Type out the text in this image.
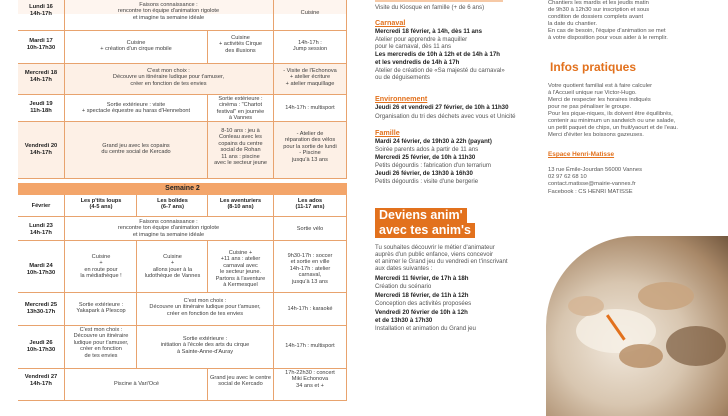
Lundi 16
14h-17h
Faisons connaissance :
rencontre ton équipe d'animation rigolote
et imagine ta semaine idéale
Cuisine
Mardi 17
10h-17h30
Cuisine
+ création d'un cirque mobile
Cuisine
+ activités Cirque
des illusions
14h-17h :
Jump session
Mercredi 18
14h-17h
C'est mon choix :
Découvre un itinéraire ludique pour t'amuser,
créer en fonction de tes envies
- Visite de l'Echonova
+ atelier écriture
+ atelier maquillage
Jeudi 19
11h-18h
Sortie extérieure : visite
+ spectacle équestre au haras d'Hennebont
Sortie extérieure :
cinéma : "Chartot
festival" en journée
à Vannes
14h-17h : multisport
Vendredi 20
14h-17h
Grand jeu avec les copains
du centre social de Kercado
8-10 ans : jeu à
Conleau avec les
copains du centre
social de Rohan
11 ans : piscine
avec le secteur jeune
- Atelier de
réparation des vélos
pour la sortie de lundi
- Piscine
jusqu'à 13 ans
Semaine 2
Février
Les p'tits loups
(4-5 ans)
Les bolides
(6-7 ans)
Les aventuriers
(8-10 ans)
Les ados
(11-17 ans)
Lundi 23
14h-17h
Faisons connaissance :
rencontre ton équipe d'animation rigolote
et imagine ta semaine idéale
Sortie vélo
Mardi 24
10h-17h30
Cuisine
+
en route pour
la médiathèque !
Cuisine
+
allons jouer à la
ludothèque de Vannes
Cuisine +
+11 ans : atelier
carnaval avec
le secteur jeune.
Partons à l'aventure
à Kermesquel
9h30-17h : soccer
et sortie en ville
14h-17h : atelier
carnaval,
jusqu'à 13 ans
Mercredi 25
13h30-17h
Sortie extérieure :
Yakapark à Plescop
C'est mon choix :
Découvre un itinéraire ludique pour t'amuser,
créer en fonction de tes envies
14h-17h : karaoké
Jeudi 26
10h-17h30
C'est mon choix :
Découvre un itinéraire
ludique pour t'amuser,
créer en fonction
de tes envies
Sortie extérieure :
initiation à l'école des arts du cirque
à Sainte-Anne-d'Auray
14h-17h : multisport
Vendredi 27
14h-17h	Piscine à Vari'Océ
Grand jeu avec le centre
social de Kercado
17h-22h30 : concert
Miki Echonova
34 ans et +
Visite du Kiosque en famille (+ de 6 ans)
Carnaval
Mercredi 18 février, à 14h, dès 11 ans
Atelier pour apprendre à maquiller
pour le carnaval, dès 11 ans
Les mercredis de 10h à 12h et de 14h à 17h
et les vendredis de 14h à 17h
Atelier de création de «Sa majesté du carnaval»
ou de déguisements
Environnement
Jeudi 26 et vendredi 27 février, de 10h à 11h30
Organisation du tri des déchets avec vous et Unicité
Famille
Mardi 24 février, de 19h30 à 22h (payant)
Soirée parents ados à partir de 11 ans
Mercredi 25 février, de 10h à 11h30
Petits dégourdis : fabrication d'un terrarium
Jeudi 26 février, de 13h30 à 16h30
Petits dégourdis : visite d'une bergerie
Deviens anim'
avec tes anim's
Tu souhaites découvrir le métier d'animateur
auprès d'un public enfance, viens concevoir
et animer le Grand jeu du vendredi en t'inscrivant
aux dates suivantes :
Mercredi 11 février, de 17h à 18h
Création du scénario
Mercredi 18 février, de 11h à 12h
Conception des activités proposées
Vendredi 20 février de 10h à 12h
et de 13h30 à 17h30
Installation et animation du Grand jeu
Chantiers les mardis et les jeudis matin
de 9h30 à 12h30 sur inscription et sous
condition de dossiers complets avant
la date du chantier.
En cas de besoin, l'équipe d'animation se met
à votre disposition pour vous aider à le remplir.
Infos pratiques
Votre quotient familial est à faire calculer
à l'Accueil unique rue Victor-Hugo.
Merci de respecter les horaires indiqués
pour ne pas pénaliser le groupe.
Pour les pique-niques, ils doivent être équilibrés,
contenir au minimum un sandwich ou une salade,
un petit paquet de chips, un fruit/yaourt et de l'eau.
Merci d'éviter les boissons gazeuses.
Espace Henri-Matisse
13 rue Émile-Jourdan 56000 Vannes
02 97 62 68 10
contact.matisse@mairie-vannes.fr
Facebook : CS HENRI MATISSE
